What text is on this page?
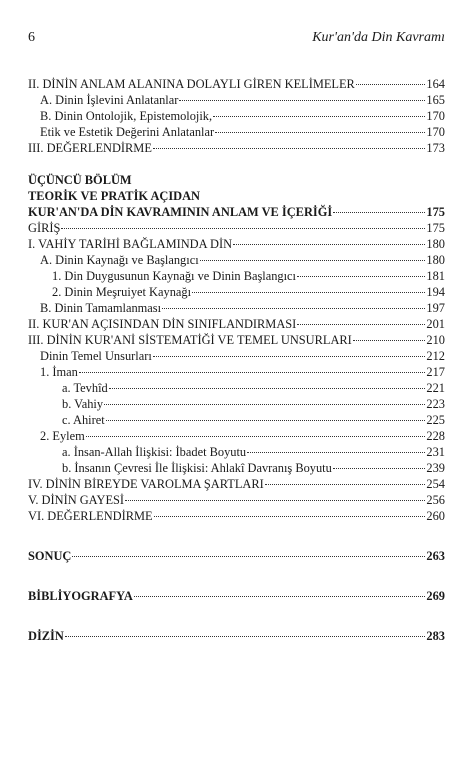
6	Kur'an'da Din Kavramı
II. DİNİN ANLAM ALANINA DOLAYLI GİREN KELİMELER	164
A. Dinin İşlevini Anlatanlar	165
B. Dinin Ontolojik, Epistemolojik,	170
Etik ve Estetik Değerini Anlatanlar	170
III. DEĞERLENDİRME	173
ÜÇÜNCÜ BÖLÜM
TEORİK VE PRATİK AÇIDAN
KUR'AN'DA DİN KAVRAMININ ANLAM VE İÇERİĞİ	175
GİRİŞ	175
I. VAHİY TARİHİ BAĞLAMINDA DİN	180
A. Dinin Kaynağı ve Başlangıcı	180
1. Din Duygusunun Kaynağı ve Dinin Başlangıcı	181
2. Dinin Meşruiyet Kaynağı	194
B. Dinin Tamamlanması	197
II. KUR'AN AÇISINDAN DİN SINIFLANDIRMASI	201
III. DİNİN KUR'ANİ SİSTEMATİĞİ VE TEMEL UNSURLARI	210
Dinin Temel Unsurları	212
1. İman	217
a. Tevhîd	221
b. Vahiy	223
c. Ahiret	225
2. Eylem	228
a. İnsan-Allah İlişkisi: İbadet Boyutu	231
b. İnsanın Çevresi İle İlişkisi: Ahlakî Davranış Boyutu	239
IV. DİNİN BİREYDE VAROLMA ŞARTLARI	254
V. DİNİN GAYESİ	256
VI. DEĞERLENDİRME	260
SONUÇ	263
BİBLİYOGRAFYA	269
DİZİN	283
